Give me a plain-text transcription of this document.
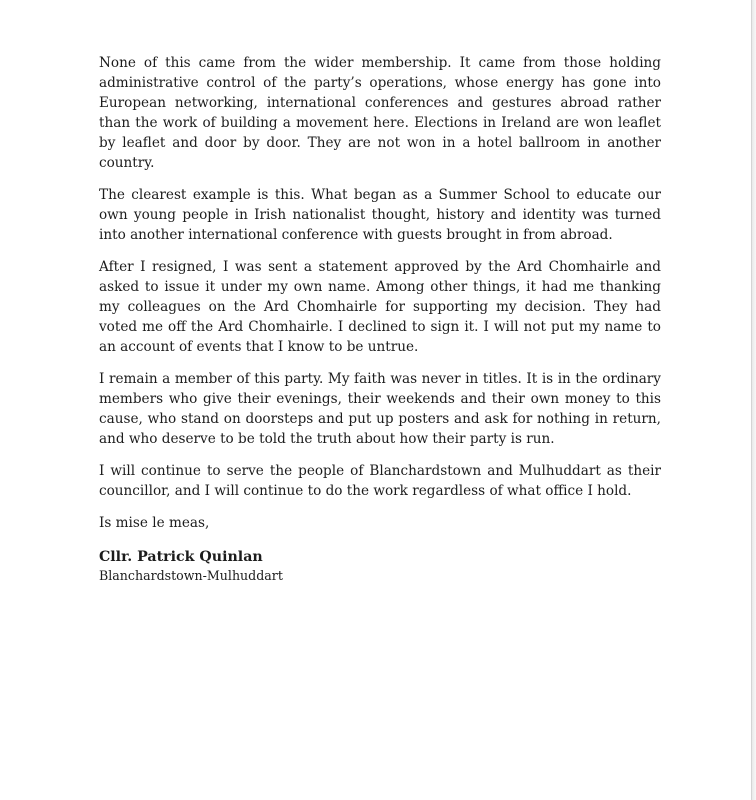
None of this came from the wider membership. It came from those holding administrative control of the party’s operations, whose energy has gone into European networking, international conferences and gestures abroad rather than the work of building a movement here. Elections in Ireland are won leaflet by leaflet and door by door. They are not won in a hotel ballroom in another country.

The clearest example is this. What began as a Summer School to educate our own young people in Irish nationalist thought, history and identity was turned into another international conference with guests brought in from abroad.

After I resigned, I was sent a statement approved by the Ard Chomhairle and asked to issue it under my own name. Among other things, it had me thanking my colleagues on the Ard Chomhairle for supporting my decision. They had voted me off the Ard Chomhairle. I declined to sign it. I will not put my name to an account of events that I know to be untrue.

I remain a member of this party. My faith was never in titles. It is in the ordinary members who give their evenings, their weekends and their own money to this cause, who stand on doorsteps and put up posters and ask for nothing in return, and who deserve to be told the truth about how their party is run.

I will continue to serve the people of Blanchardstown and Mulhuddart as their councillor, and I will continue to do the work regardless of what office I hold.

Is mise le meas,

Cllr. Patrick Quinlan

Blanchardstown-Mulhuddart
